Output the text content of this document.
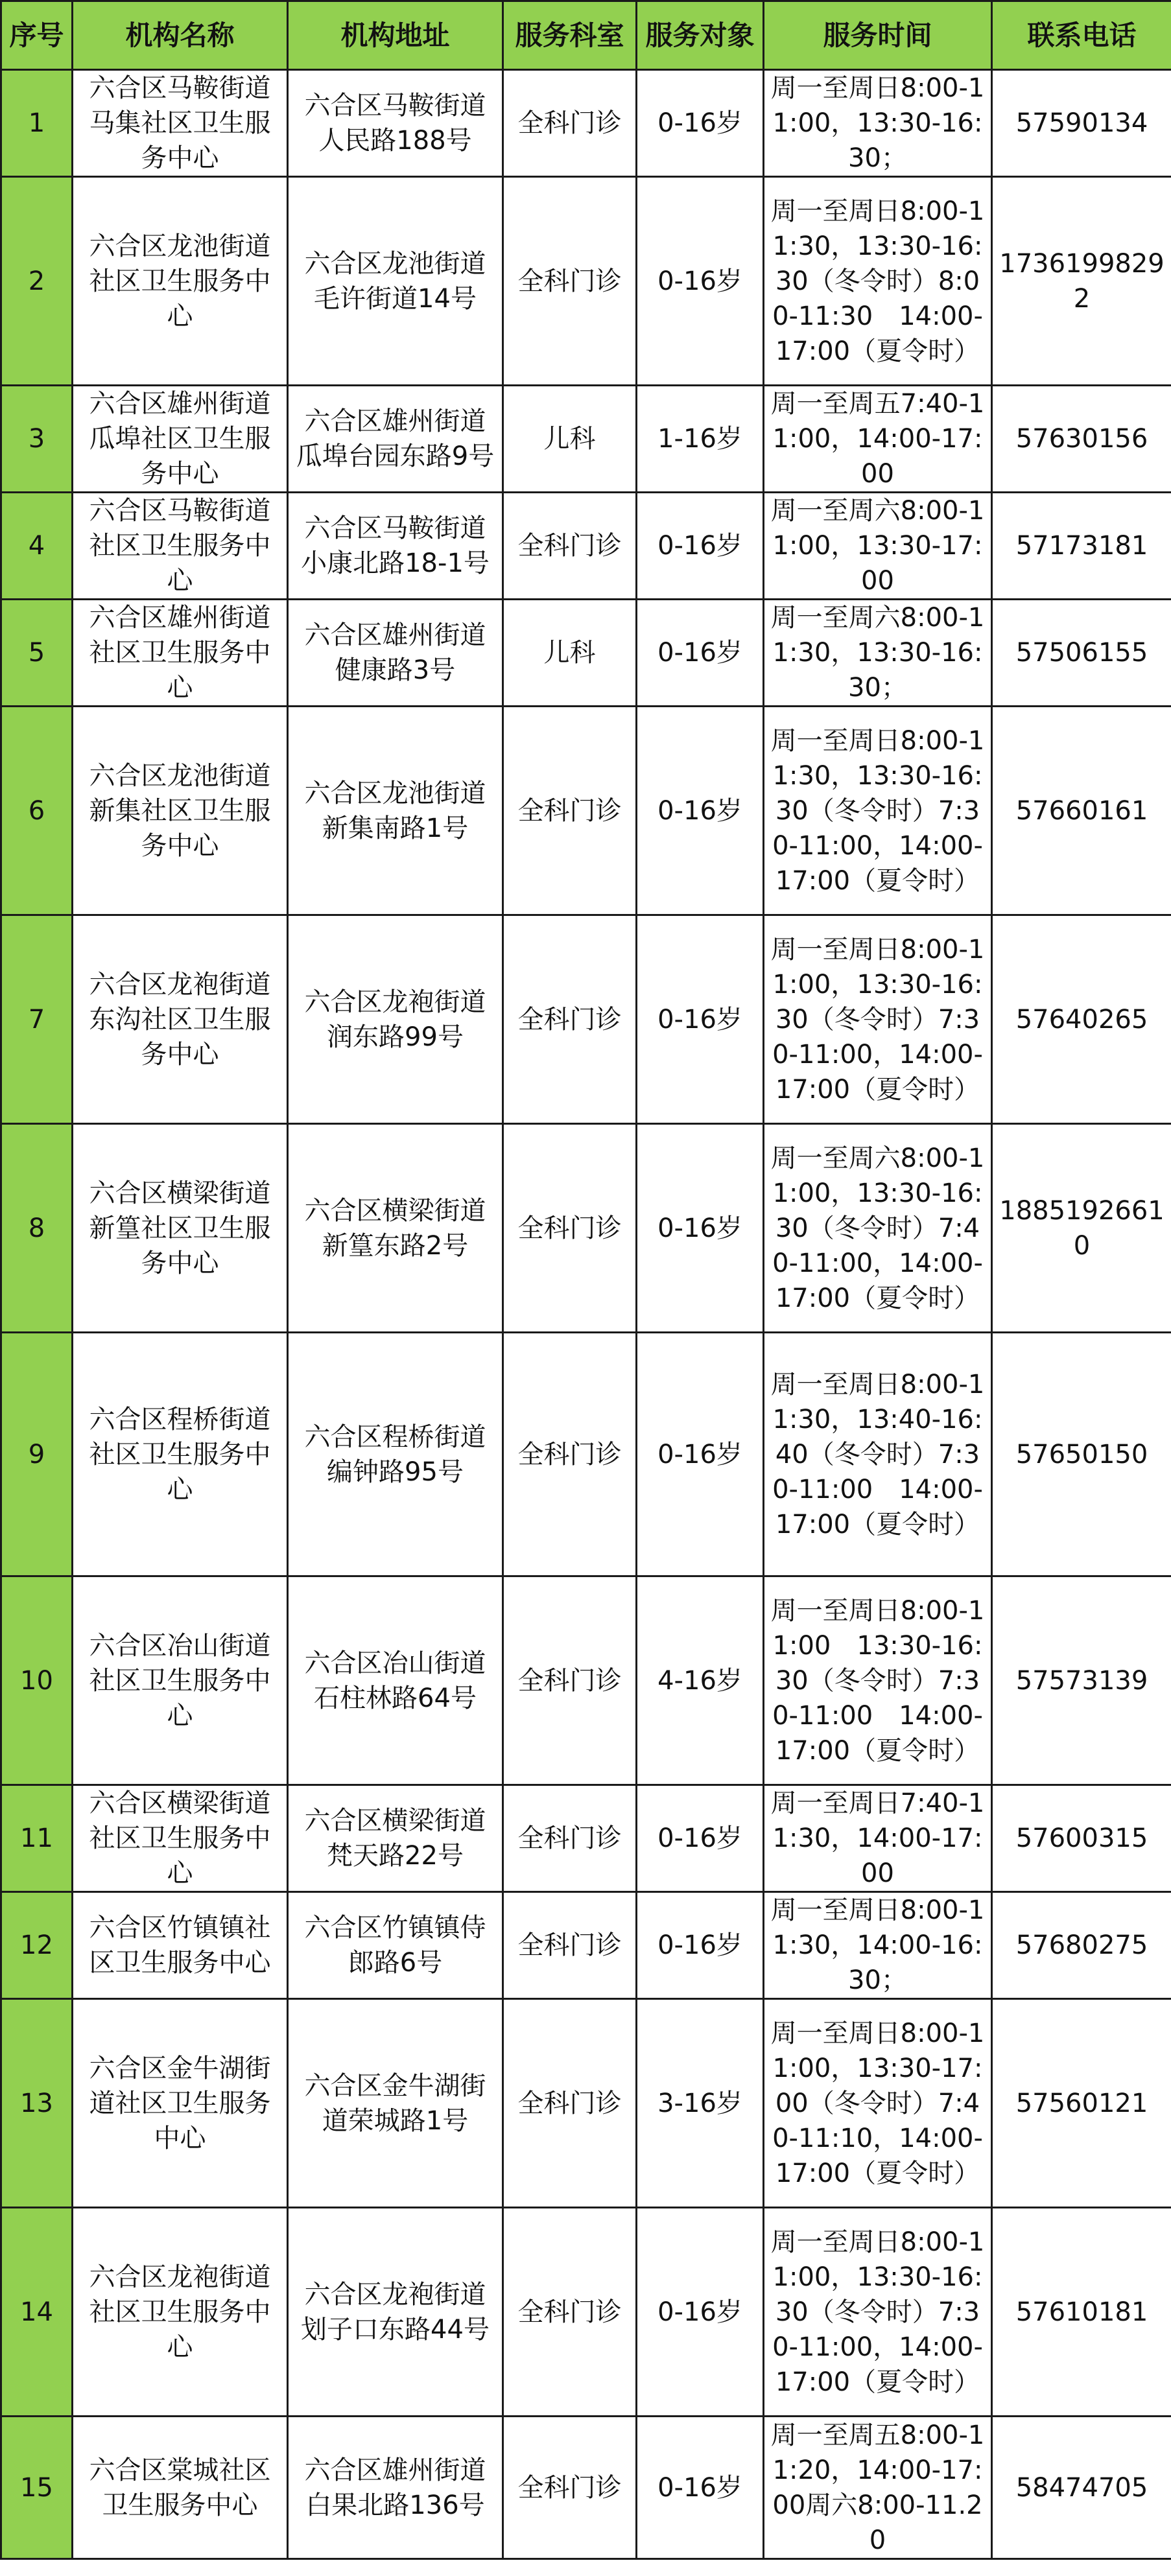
序号	机构名称	机构地址	服务科室	服务对象	服务时间	联系电话
1	六合区马鞍街道马集社区卫生服务中心	六合区马鞍街道人民路188号	全科门诊	0-16岁	周一至周日8:00-11:00，13:30-16:30；	57590134
2	六合区龙池街道社区卫生服务中心	六合区龙池街道毛许街道14号	全科门诊	0-16岁	周一至周日8:00-11:30，13:30-16:30（冬令时）8:00-11:30　14:00-17:00（夏令时）	17361998292
3	六合区雄州街道瓜埠社区卫生服务中心	六合区雄州街道瓜埠台园东路9号	儿科	1-16岁	周一至周五7:40-11:00，14:00-17:00	57630156
4	六合区马鞍街道社区卫生服务中心	六合区马鞍街道小康北路18-1号	全科门诊	0-16岁	周一至周六8:00-11:00，13:30-17:00	57173181
5	六合区雄州街道社区卫生服务中心	六合区雄州街道健康路3号	儿科	0-16岁	周一至周六8:00-11:30，13:30-16:30；	57506155
6	六合区龙池街道新集社区卫生服务中心	六合区龙池街道新集南路1号	全科门诊	0-16岁	周一至周日8:00-11:30，13:30-16:30（冬令时）7:30-11:00，14:00-17:00（夏令时）	57660161
7	六合区龙袍街道东沟社区卫生服务中心	六合区龙袍街道润东路99号	全科门诊	0-16岁	周一至周日8:00-11:00，13:30-16:30（冬令时）7:30-11:00，14:00-17:00（夏令时）	57640265
8	六合区横梁街道新篁社区卫生服务中心	六合区横梁街道新篁东路2号	全科门诊	0-16岁	周一至周六8:00-11:00，13:30-16:30（冬令时）7:40-11:00，14:00-17:00（夏令时）	18851926610
9	六合区程桥街道社区卫生服务中心	六合区程桥街道编钟路95号	全科门诊	0-16岁	周一至周日8:00-11:30，13:40-16:40（冬令时）7:30-11:00　14:00-17:00（夏令时）	57650150
10	六合区冶山街道社区卫生服务中心	六合区冶山街道石柱林路64号	全科门诊	4-16岁	周一至周日8:00-11:00　13:30-16:30（冬令时）7:30-11:00　14:00-17:00（夏令时）	57573139
11	六合区横梁街道社区卫生服务中心	六合区横梁街道梵天路22号	全科门诊	0-16岁	周一至周日7:40-11:30，14:00-17:00	57600315
12	六合区竹镇镇社区卫生服务中心	六合区竹镇镇侍郎路6号	全科门诊	0-16岁	周一至周日8:00-11:30，14:00-16:30；	57680275
13	六合区金牛湖街道社区卫生服务中心	六合区金牛湖街道荣城路1号	全科门诊	3-16岁	周一至周日8:00-11:00，13:30-17:00（冬令时）7:40-11:10，14:00-17:00（夏令时）	57560121
14	六合区龙袍街道社区卫生服务中心	六合区龙袍街道划子口东路44号	全科门诊	0-16岁	周一至周日8:00-11:00，13:30-16:30（冬令时）7:30-11:00，14:00-17:00（夏令时）	57610181
15	六合区棠城社区卫生服务中心	六合区雄州街道白果北路136号	全科门诊	0-16岁	周一至周五8:00-11:20，14:00-17:00周六8:00-11.20	58474705
